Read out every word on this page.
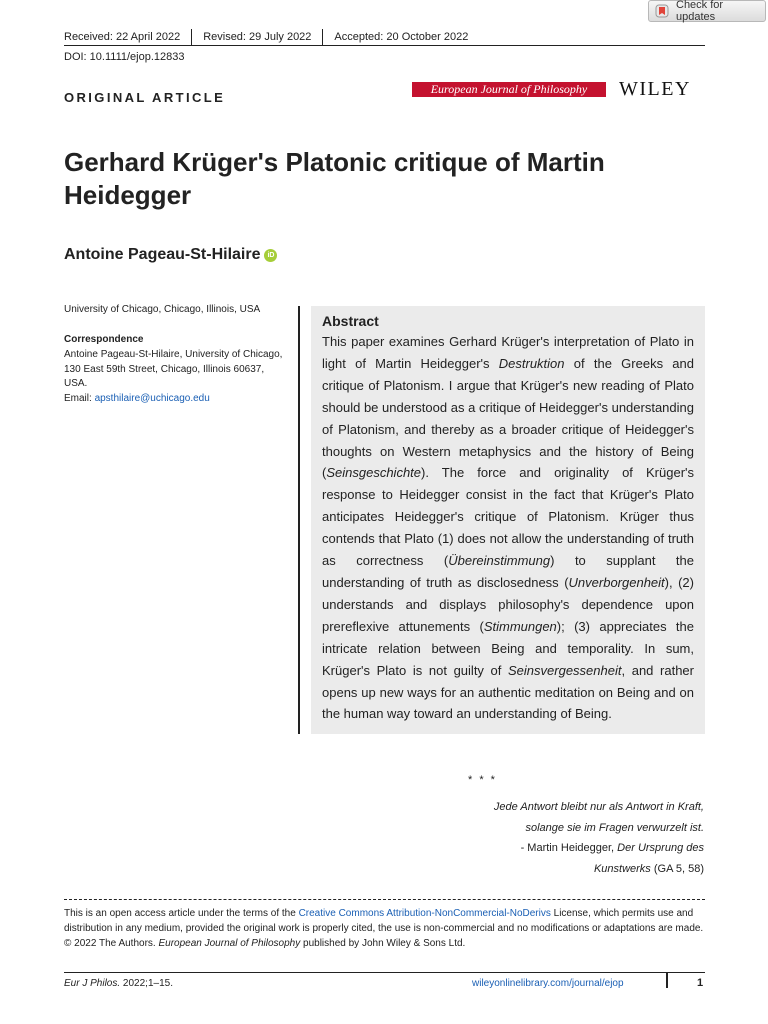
Check for updates
Received: 22 April 2022 Revised: 29 July 2022 Accepted: 20 October 2022
DOI: 10.1111/ejop.12833
ORIGINAL ARTICLE
European Journal of Philosophy	WILEY
Gerhard Krüger's Platonic critique of Martin Heidegger
Antoine Pageau-St-Hilaire	iD
University of Chicago, Chicago, Illinois, USA
Correspondence
Antoine Pageau-St-Hilaire, University of Chicago, 130 East 59th Street, Chicago, Illinois 60637, USA.
Email: apsthilaire@uchicago.edu
Abstract

This paper examines Gerhard Krüger's interpretation of Plato in light of Martin Heidegger's Destruktion of the Greeks and critique of Platonism. I argue that Krüger's new reading of Plato should be understood as a critique of Heidegger's understanding of Platonism, and thereby as a broader critique of Heidegger's thoughts on Western metaphysics and the history of Being (Seinsgeschichte). The force and originality of Krüger's response to Heidegger consist in the fact that Krüger's Plato anticipates Heidegger's critique of Platonism. Krüger thus contends that Plato (1) does not allow the understanding of truth as correctness (Übereinstimmung) to supplant the understanding of truth as disclosedness (Unverborgenheit), (2) understands and displays philosophy's dependence upon prereflexive attunements (Stimmungen); (3) appreciates the intricate relation between Being and temporality. In sum, Krüger's Plato is not guilty of Seinsvergessenheit, and rather opens up new ways for an authentic meditation on Being and on the human way toward an understanding of Being.

* * *
Jede Antwort bleibt nur als Antwort in Kraft,
solange sie im Fragen verwurzelt ist.
- Martin Heidegger, Der Ursprung des
Kunstwerks (GA 5, 58)
This is an open access article under the terms of the Creative Commons Attribution-NonCommercial-NoDerivs License, which permits use and distribution in any medium, provided the original work is properly cited, the use is non-commercial and no modifications or adaptations are made.
© 2022 The Authors. European Journal of Philosophy published by John Wiley & Sons Ltd.
Eur J Philos. 2022;1–15.	wileyonlinelibrary.com/journal/ejop	1
